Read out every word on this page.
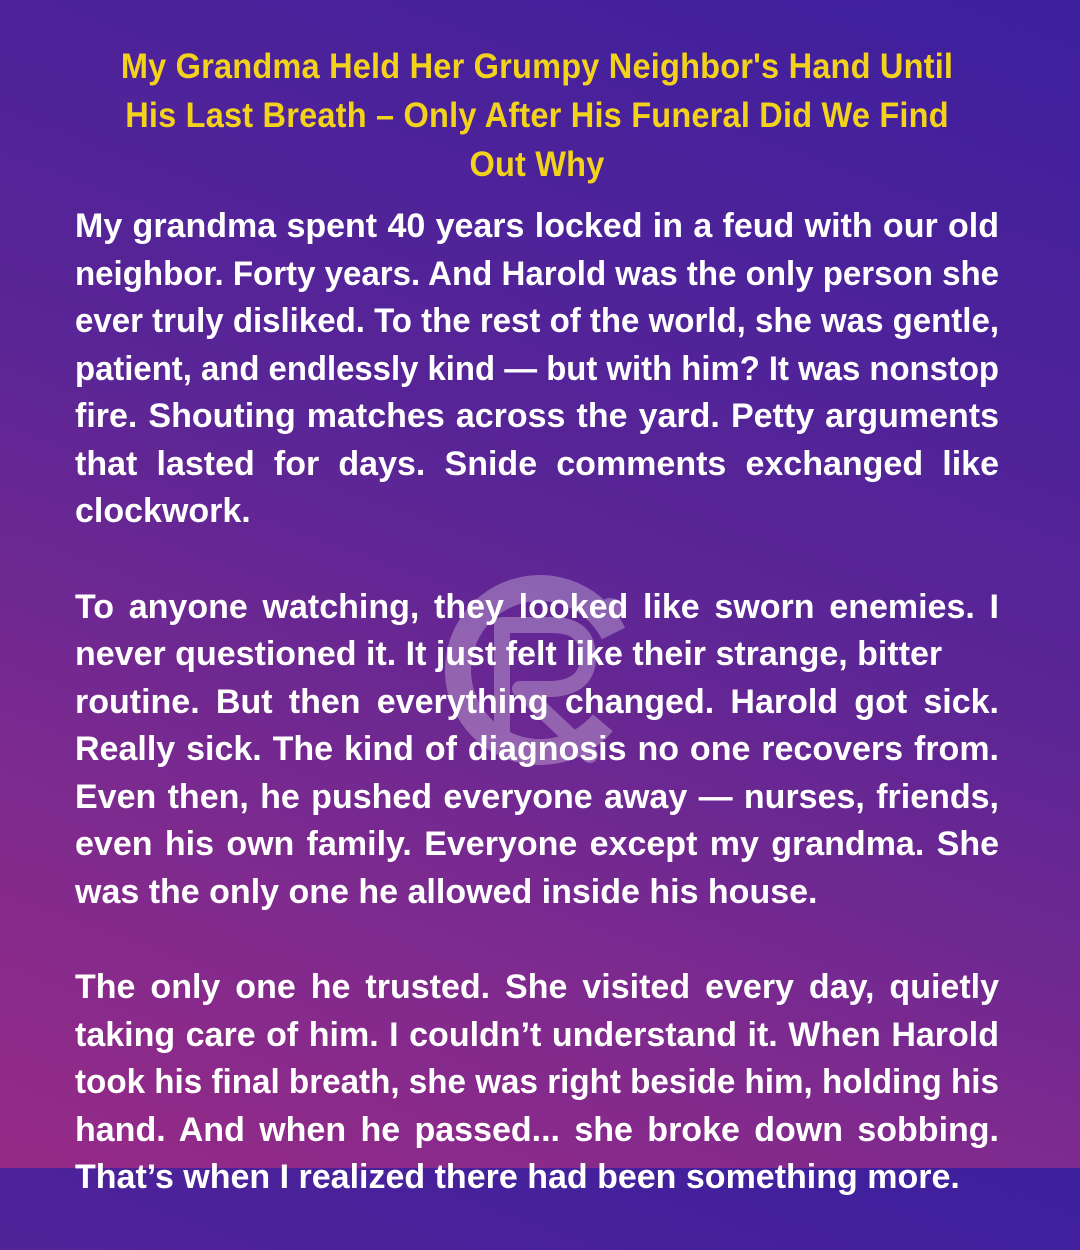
My Grandma Held Her Grumpy Neighbor's Hand Until
His Last Breath – Only After His Funeral Did We Find
Out Why
My grandma spent 40 years locked in a feud with our old
neighbor. Forty years. And Harold was the only person she
ever truly disliked. To the rest of the world, she was gentle,
patient, and endlessly kind — but with him? It was nonstop
fire. Shouting matches across the yard. Petty arguments
that lasted for days. Snide comments exchanged like
clockwork.
To anyone watching, they looked like sworn enemies. I
never questioned it. It just felt like their strange, bitter
routine. But then everything changed. Harold got sick.
Really sick. The kind of diagnosis no one recovers from.
Even then, he pushed everyone away — nurses, friends,
even his own family. Everyone except my grandma. She
was the only one he allowed inside his house.
The only one he trusted. She visited every day, quietly
taking care of him. I couldn’t understand it. When Harold
took his final breath, she was right beside him, holding his
hand. And when he passed... she broke down sobbing.
That’s when I realized there had been something more.
